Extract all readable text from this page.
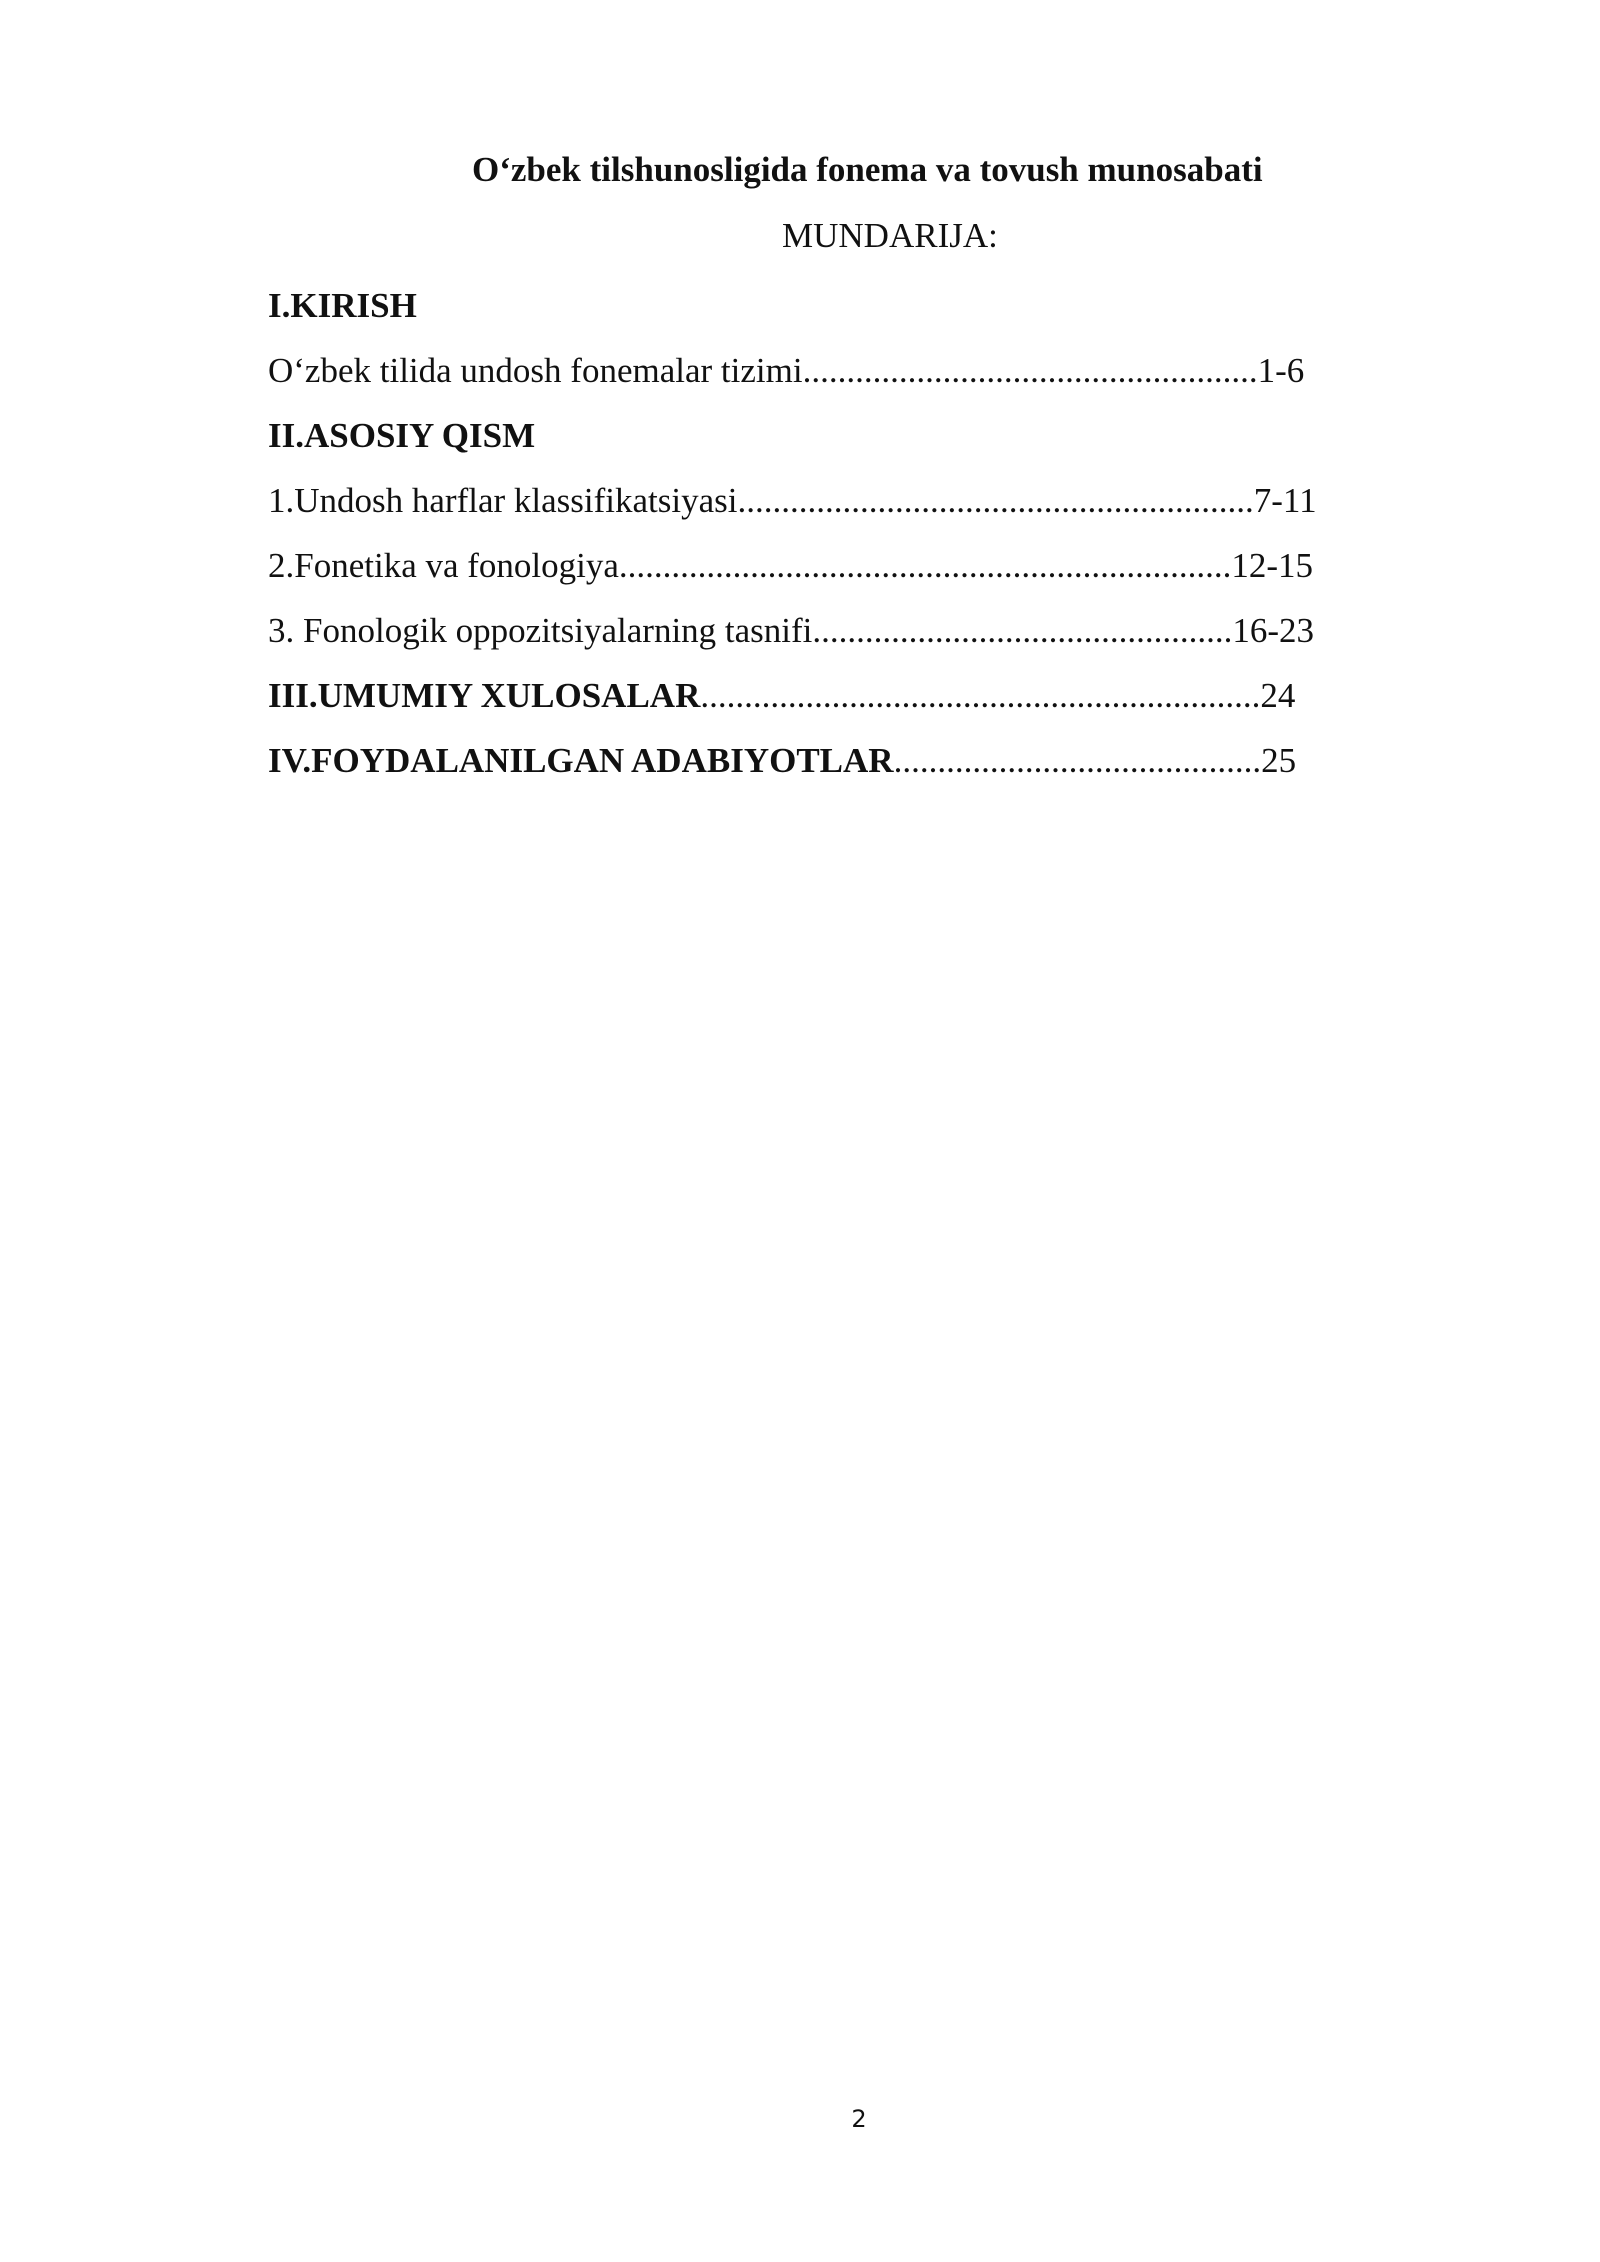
O‘zbek tilshunosligida fonema va tovush munosabati
MUNDARIJA:
I.KIRISH
O‘zbek tilida undosh fonemalar tizimi....................................................1-6
II.ASOSIY QISM
1.Undosh harflar klassifikatsiyasi...........................................................7-11
2.Fonetika va fonologiya......................................................................12-15
3. Fonologik oppozitsiyalarning tasnifi................................................16-23
III.UMUMIY XULOSALAR................................................................24
IV.FOYDALANILGAN ADABIYOTLAR..........................................25
2
